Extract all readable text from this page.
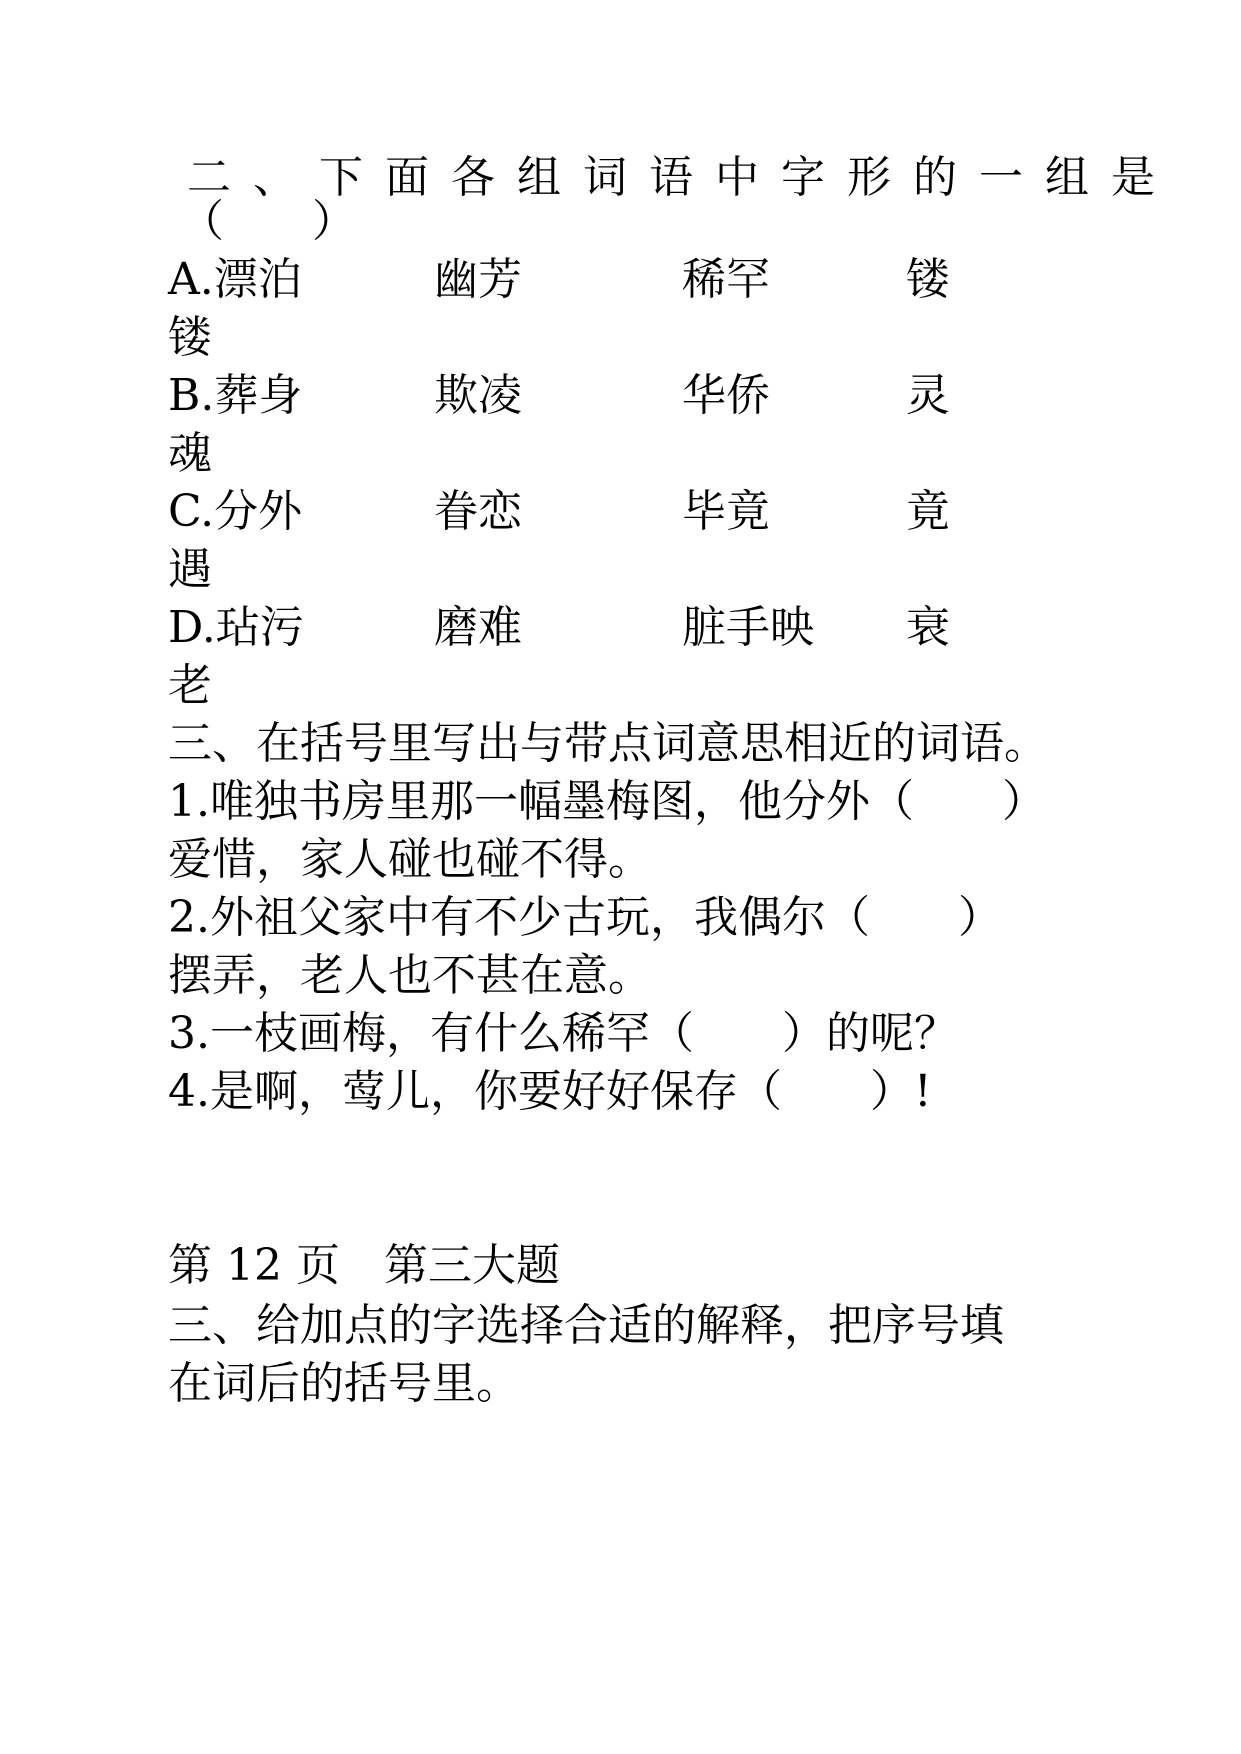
二、下面各组词语中字形的一组是
（　　）
A.漂泊	幽芳	稀罕	镂
镂
B.葬身	欺凌	华侨	灵
魂
C.分外	眷恋	毕竟	竟
遇
D.玷污	磨难	脏手映 衰
老
三、在括号里写出与带点词意思相近的词语。
1.唯独书房里那一幅墨梅图，他分外（　　）
爱惜，家人碰也碰不得。
2.外祖父家中有不少古玩，我偶尔（　　）
摆弄，老人也不甚在意。
3.一枝画梅，有什么稀罕（　　）的呢？
4.是啊，莺儿，你要好好保存（　　）!
第 12 页　第三大题
三、给加点的字选择合适的解释，把序号填
在词后的括号里。
